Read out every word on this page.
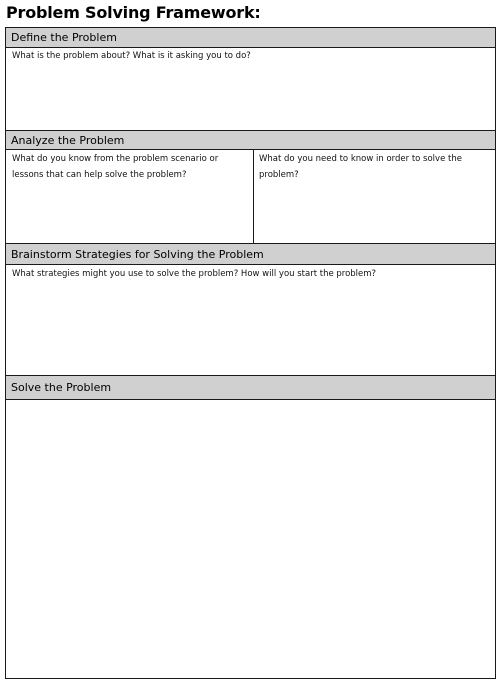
Problem Solving Framework:
Define the Problem
What is the problem about? What is it asking you to do?
Analyze the Problem
What do you know from the problem scenario or lessons that can help solve the problem?
What do you need to know in order to solve the problem?
Brainstorm Strategies for Solving the Problem
What strategies might you use to solve the problem? How will you start the problem?
Solve the Problem
